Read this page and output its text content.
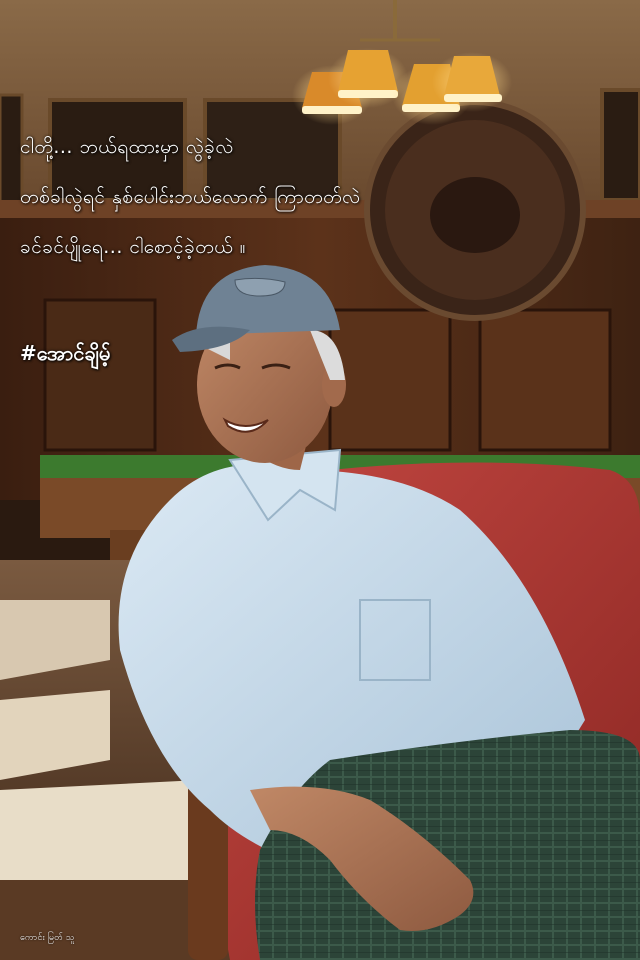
ငါတို့... ဘယ်ရထားမှာ လွဲခဲ့လဲ
တစ်ခါလွဲရင် နှစ်ပေါင်းဘယ်လောက် ကြာတတ်လဲ
ခင်ခင်ပျိုရေ... ငါစောင့်ခဲ့တယ် ။
#အောင်ချိမ့်
ကောင်း မြတ် သူ
